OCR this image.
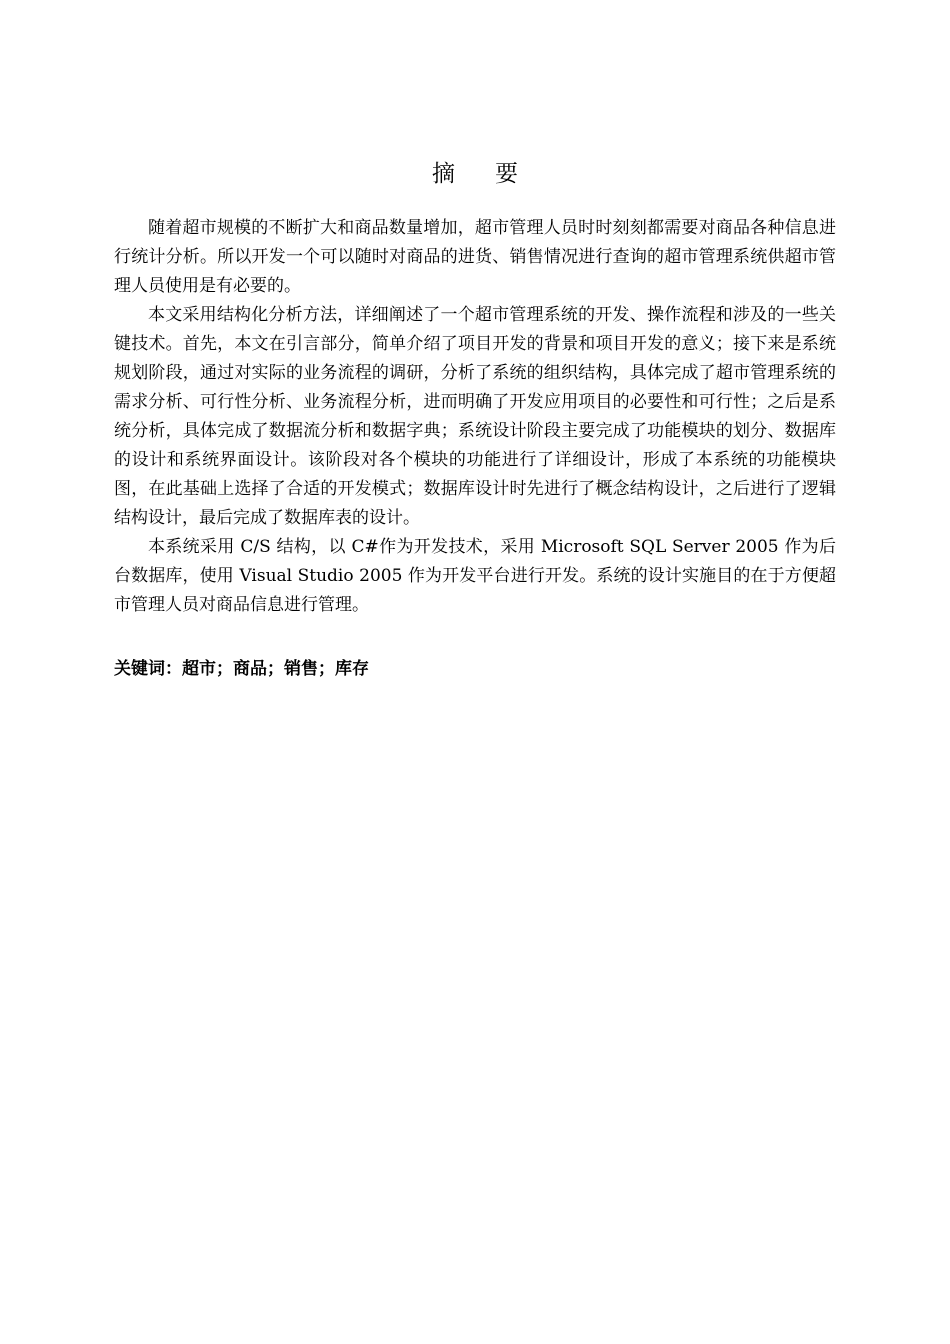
摘要

随着超市规模的不断扩大和商品数量增加，超市管理人员时时刻刻都需要对商品各种信息进行统计分析。所以开发一个可以随时对商品的进货、销售情况进行查询的超市管理系统供超市管理人员使用是有必要的。

本文采用结构化分析方法，详细阐述了一个超市管理系统的开发、操作流程和涉及的一些关键技术。首先，本文在引言部分，简单介绍了项目开发的背景和项目开发的意义；接下来是系统规划阶段，通过对实际的业务流程的调研，分析了系统的组织结构，具体完成了超市管理系统的需求分析、可行性分析、业务流程分析，进而明确了开发应用项目的必要性和可行性；之后是系统分析，具体完成了数据流分析和数据字典；系统设计阶段主要完成了功能模块的划分、数据库的设计和系统界面设计。该阶段对各个模块的功能进行了详细设计，形成了本系统的功能模块图，在此基础上选择了合适的开发模式；数据库设计时先进行了概念结构设计，之后进行了逻辑结构设计，最后完成了数据库表的设计。

本系统采用 C/S 结构，以 C#作为开发技术，采用 Microsoft SQL Server 2005 作为后台数据库，使用 Visual Studio 2005 作为开发平台进行开发。系统的设计实施目的在于方便超市管理人员对商品信息进行管理。

关键词：超市；商品；销售；库存
